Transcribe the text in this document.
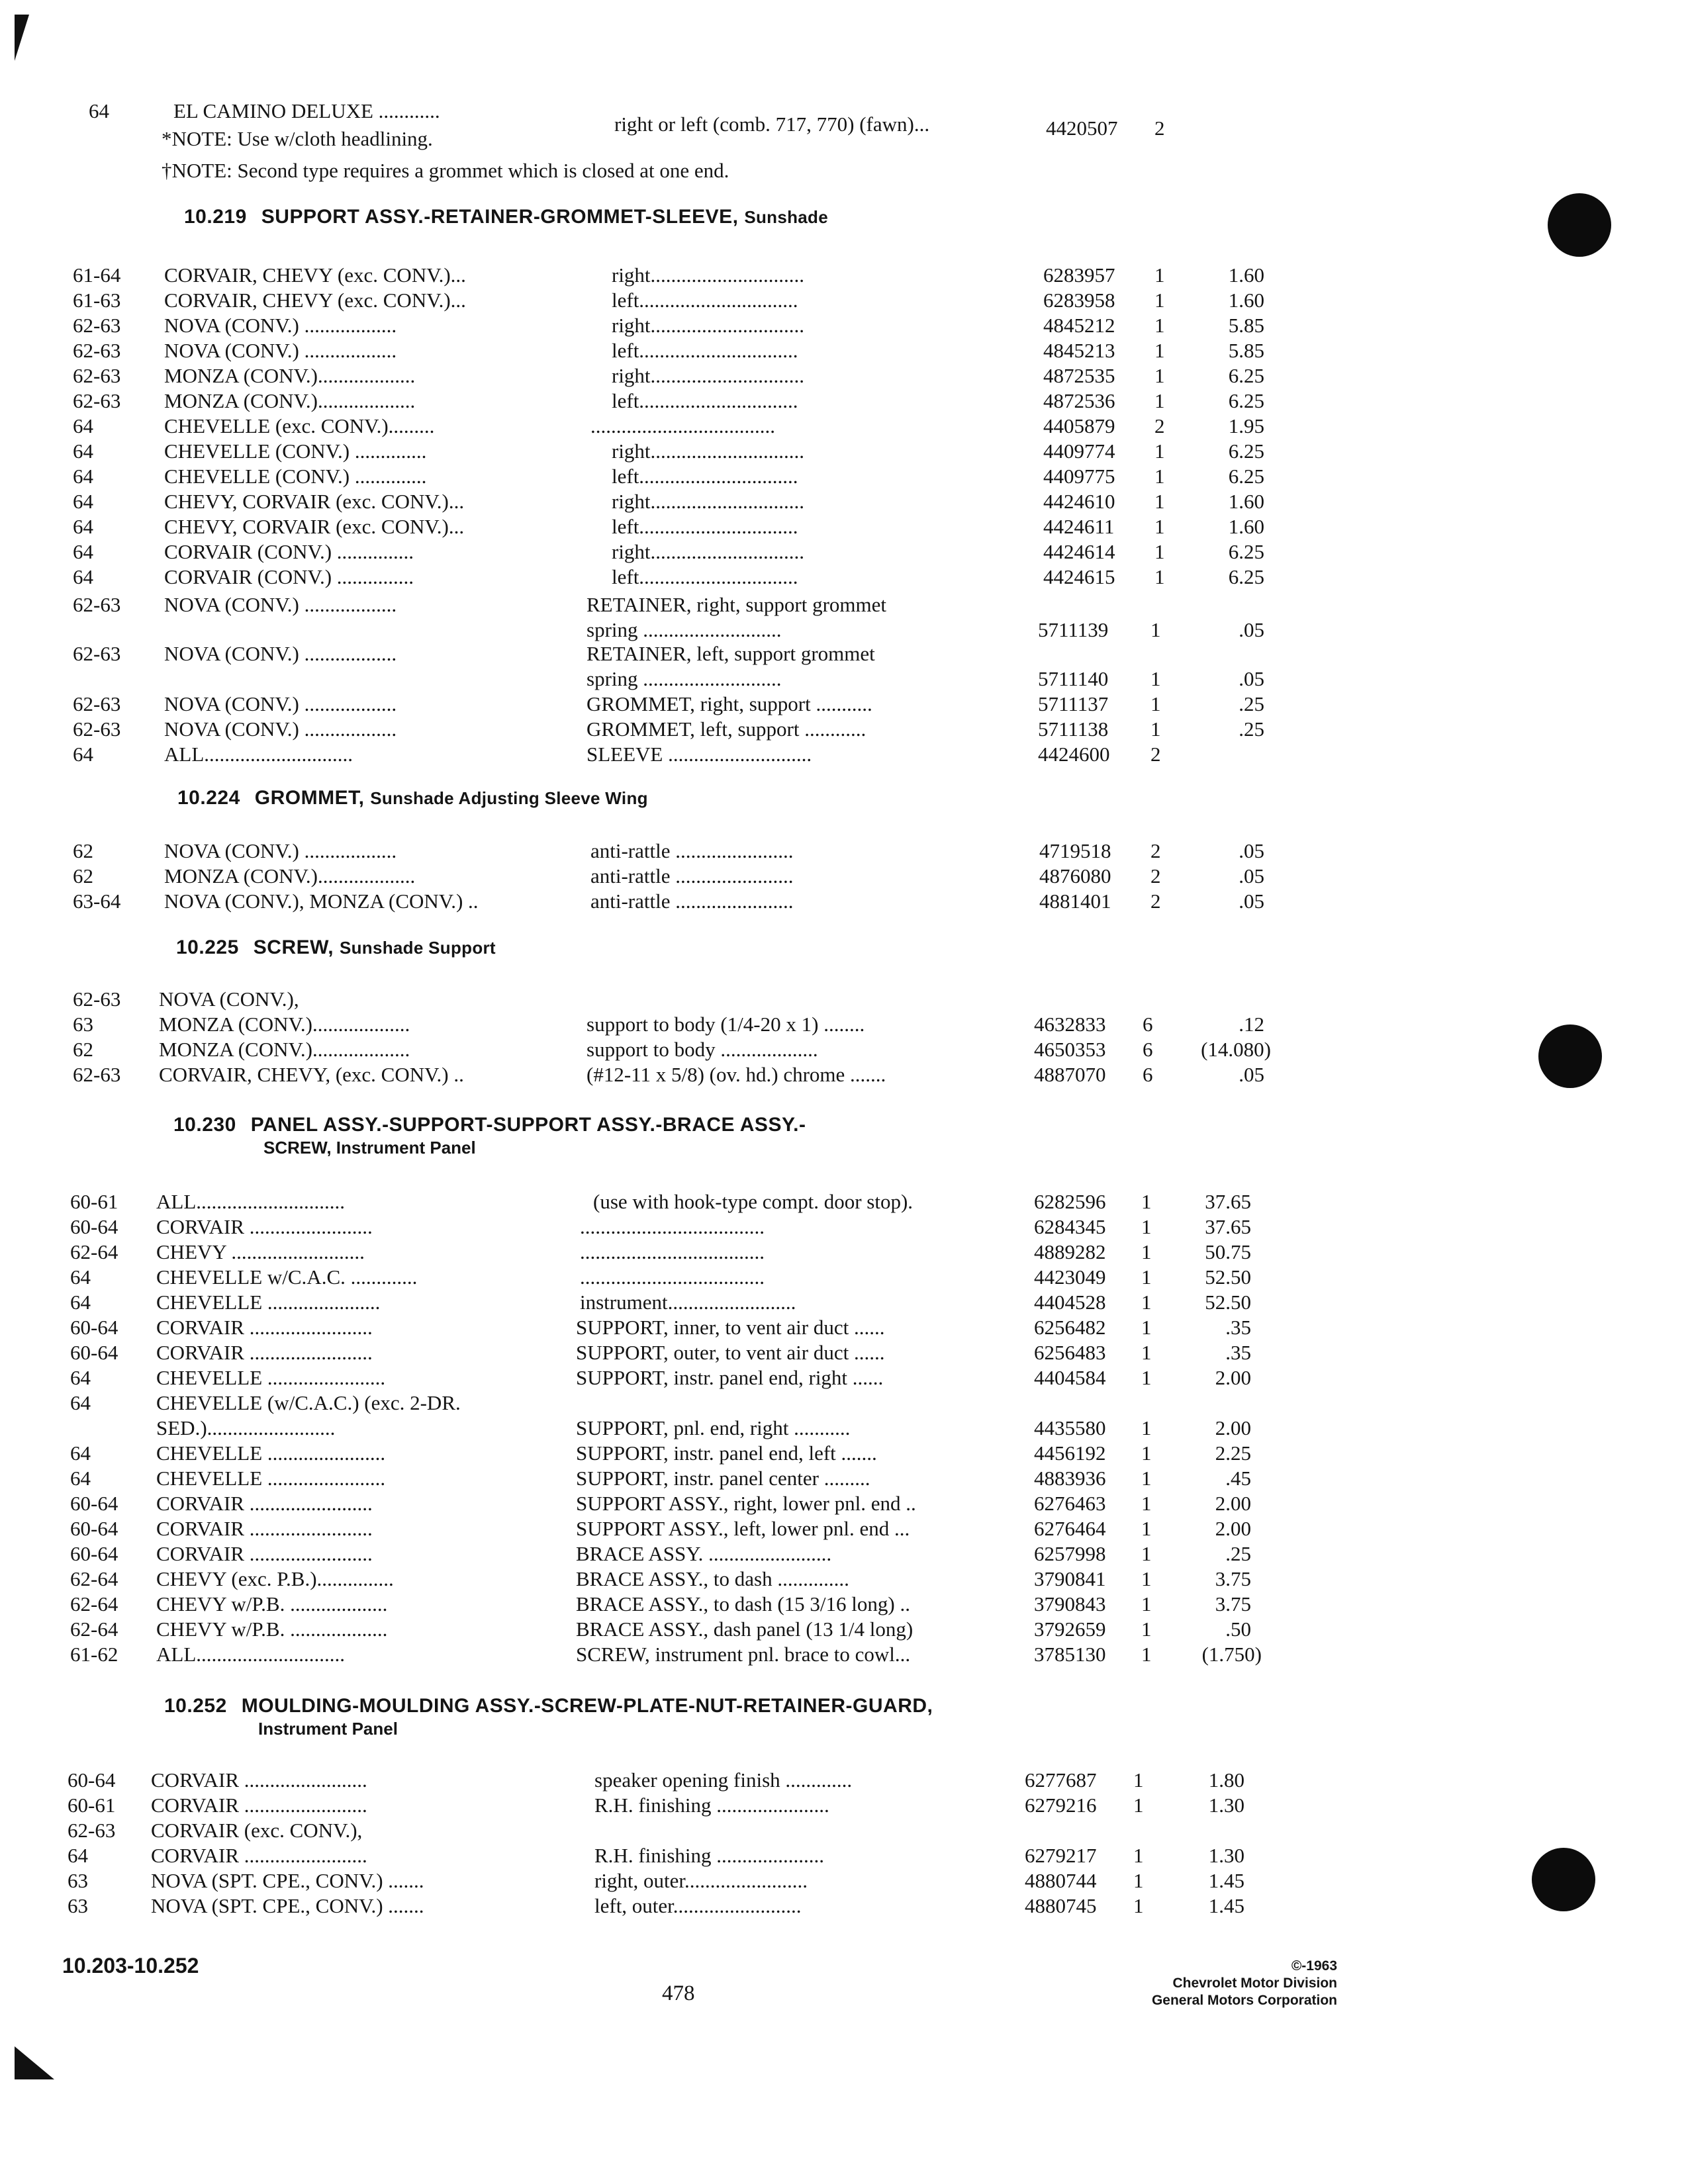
64	EL CAMINO DELUXE ............
right or left (comb. 717, 770) (fawn)...	4420507 2
*NOTE: Use w/cloth headlining.
†NOTE: Second type requires a grommet which is closed at one end.
10.219 SUPPORT ASSY.-RETAINER-GROMMET-SLEEVE, Sunshade
61-64 CORVAIR, CHEVY (exc. CONV.)...	right..............................	6283957 1	1.60
61-63 CORVAIR, CHEVY (exc. CONV.)...	left...............................	6283958 1	1.60
62-63 NOVA (CONV.) ..................	right..............................	4845212 1	5.85
62-63 NOVA (CONV.) ..................	left...............................	4845213 1	5.85
62-63 MONZA (CONV.)...................	right..............................	4872535 1	6.25
62-63 MONZA (CONV.)...................	left...............................	4872536 1	6.25
64	CHEVELLE (exc. CONV.).........	....................................	4405879 2	1.95
64	CHEVELLE (CONV.) ..............	right..............................	4409774 1	6.25
64	CHEVELLE (CONV.) ..............	left...............................	4409775 1	6.25
64	CHEVY, CORVAIR (exc. CONV.)...	right..............................	4424610 1	1.60
64	CHEVY, CORVAIR (exc. CONV.)...	left...............................	4424611 1	1.60
64	CORVAIR (CONV.) ...............	right..............................	4424614 1	6.25
64	CORVAIR (CONV.) ...............	left...............................	4424615 1	6.25
62-63 NOVA (CONV.) ..................	RETAINER, right, support grommet
spring ...........................	5711139 1	.05
62-63 NOVA (CONV.) ..................	RETAINER, left, support grommet
spring ...........................	5711140 1	.05
62-63 NOVA (CONV.) ..................	GROMMET, right, support ...........	5711137 1	.25
62-63 NOVA (CONV.) ..................	GROMMET, left, support ............	5711138 1	.25
64	ALL.............................	SLEEVE ............................	4424600 2
10.224 GROMMET, Sunshade Adjusting Sleeve Wing
62	NOVA (CONV.) ..................	anti-rattle .......................	4719518 2	.05
62	MONZA (CONV.)...................	anti-rattle .......................	4876080 2	.05
63-64 NOVA (CONV.), MONZA (CONV.) ..	anti-rattle .......................	4881401 2	.05
10.225 SCREW, Sunshade Support
62-63 NOVA (CONV.),
63	MONZA (CONV.)...................	support to body (1/4-20 x 1) ........	4632833 6	.12
62	MONZA (CONV.)...................	support to body ...................	4650353 6	(14.080)
62-63 CORVAIR, CHEVY, (exc. CONV.) ..	(#12-11 x 5/8) (ov. hd.) chrome .......	4887070 6	.05
10.230 PANEL ASSY.-SUPPORT-SUPPORT ASSY.-BRACE ASSY.-
SCREW, Instrument Panel
60-61 ALL.............................	(use with hook-type compt. door stop).	6282596 1	37.65
60-64 CORVAIR ........................	....................................	6284345 1	37.65
62-64 CHEVY ..........................	....................................	4889282 1	50.75
64	CHEVELLE w/C.A.C. .............	....................................	4423049 1	52.50
64	CHEVELLE ......................	instrument.........................	4404528 1	52.50
60-64 CORVAIR ........................	SUPPORT, inner, to vent air duct ......	6256482 1	.35
60-64 CORVAIR ........................	SUPPORT, outer, to vent air duct ......	6256483 1	.35
64	CHEVELLE .......................	SUPPORT, instr. panel end, right ......	4404584 1	2.00
64	CHEVELLE (w/C.A.C.) (exc. 2-DR.
SED.).........................	SUPPORT, pnl. end, right ...........	4435580 1	2.00
64	CHEVELLE .......................	SUPPORT, instr. panel end, left .......	4456192 1	2.25
64	CHEVELLE .......................	SUPPORT, instr. panel center .........	4883936 1	.45
60-64 CORVAIR ........................	SUPPORT ASSY., right, lower pnl. end ..	6276463 1	2.00
60-64 CORVAIR ........................	SUPPORT ASSY., left, lower pnl. end ...	6276464 1	2.00
60-64 CORVAIR ........................	BRACE ASSY. ........................	6257998 1	.25
62-64 CHEVY (exc. P.B.)...............	BRACE ASSY., to dash ..............	3790841 1	3.75
62-64 CHEVY w/P.B. ...................	BRACE ASSY., to dash (15 3/16 long) ..	3790843 1	3.75
62-64 CHEVY w/P.B. ...................	BRACE ASSY., dash panel (13 1/4 long)	3792659 1	.50
61-62 ALL.............................	SCREW, instrument pnl. brace to cowl...	3785130 1	(1.750)
10.252 MOULDING-MOULDING ASSY.-SCREW-PLATE-NUT-RETAINER-GUARD,
Instrument Panel
60-64 CORVAIR ........................	speaker opening finish .............	6277687 1	1.80
60-61 CORVAIR ........................	R.H. finishing ......................	6279216 1	1.30
62-63 CORVAIR (exc. CONV.),
64	CORVAIR ........................	R.H. finishing .....................	6279217 1	1.30
63	NOVA (SPT. CPE., CONV.) .......	right, outer........................	4880744 1	1.45
63	NOVA (SPT. CPE., CONV.) .......	left, outer.........................	4880745 1	1.45
10.203-10.252
478
©-1963
Chevrolet Motor Division
General Motors Corporation
